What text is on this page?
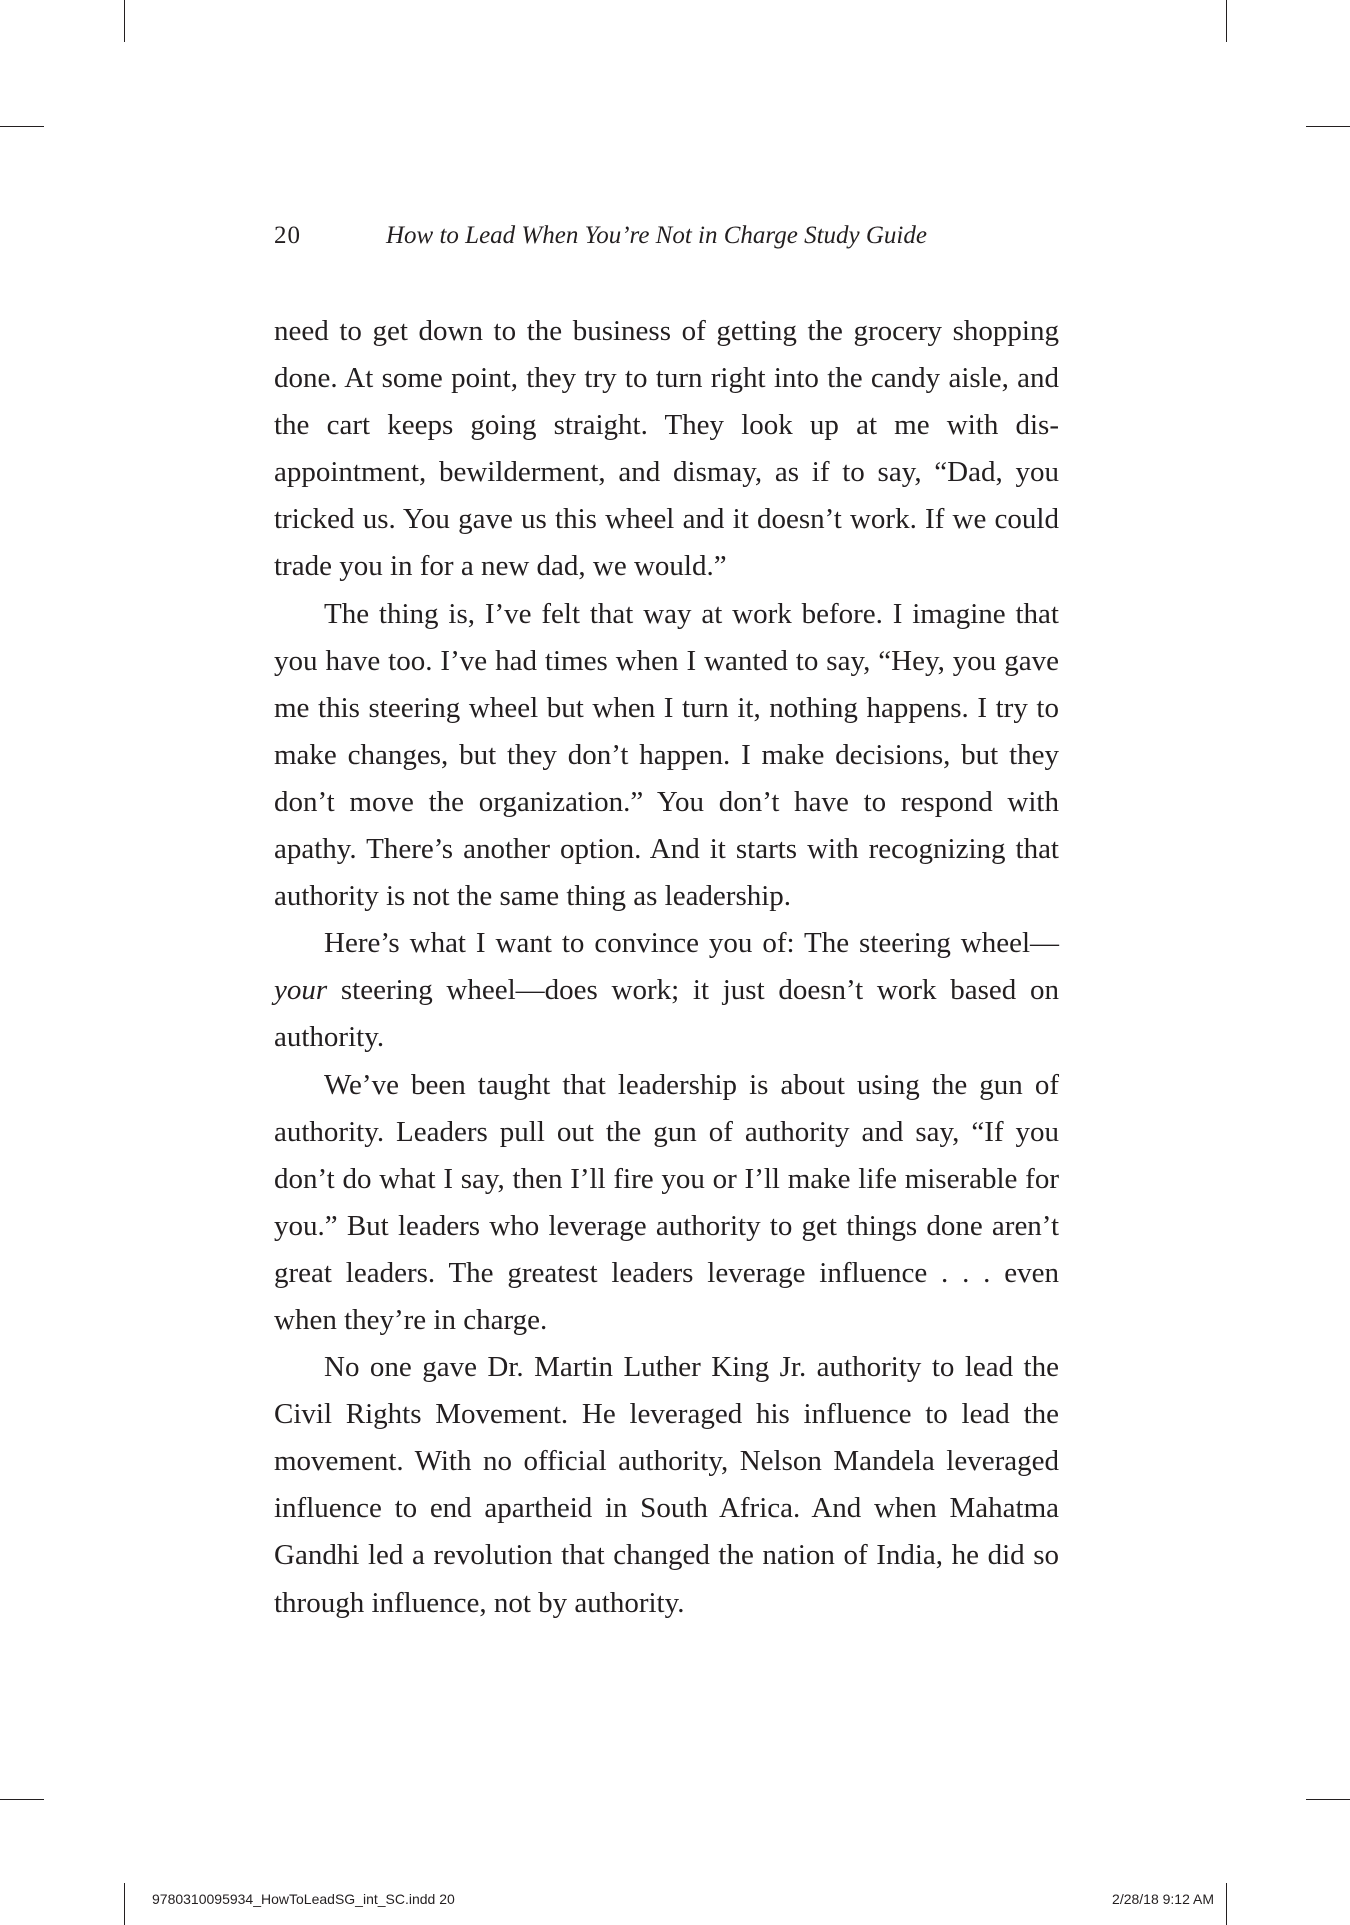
20	How to Lead When You’re Not in Charge Study Guide

need to get down to the business of getting the grocery shopping done. At some point, they try to turn right into the candy aisle, and the cart keeps going straight. They look up at me with disappointment, bewilderment, and dismay, as if to say, “Dad, you tricked us. You gave us this wheel and it doesn’t work. If we could trade you in for a new dad, we would.”

The thing is, I’ve felt that way at work before. I imagine that you have too. I’ve had times when I wanted to say, “Hey, you gave me this steering wheel but when I turn it, nothing happens. I try to make changes, but they don’t happen. I make decisions, but they don’t move the organization.” You don’t have to respond with apathy. There’s another option. And it starts with recognizing that authority is not the same thing as leadership.

Here’s what I want to convince you of: The steering wheel—your steering wheel—does work; it just doesn’t work based on authority.

We’ve been taught that leadership is about using the gun of authority. Leaders pull out the gun of authority and say, “If you don’t do what I say, then I’ll fire you or I’ll make life miserable for you.” But leaders who leverage authority to get things done aren’t great leaders. The greatest leaders leverage influence . . . even when they’re in charge.

No one gave Dr. Martin Luther King Jr. authority to lead the Civil Rights Movement. He leveraged his influence to lead the movement. With no official authority, Nelson Mandela leveraged influence to end apartheid in South Africa. And when Mahatma Gandhi led a revolution that changed the nation of India, he did so through influence, not by authority.

9780310095934_HowToLeadSG_int_SC.indd 20	2/28/18 9:12 AM
